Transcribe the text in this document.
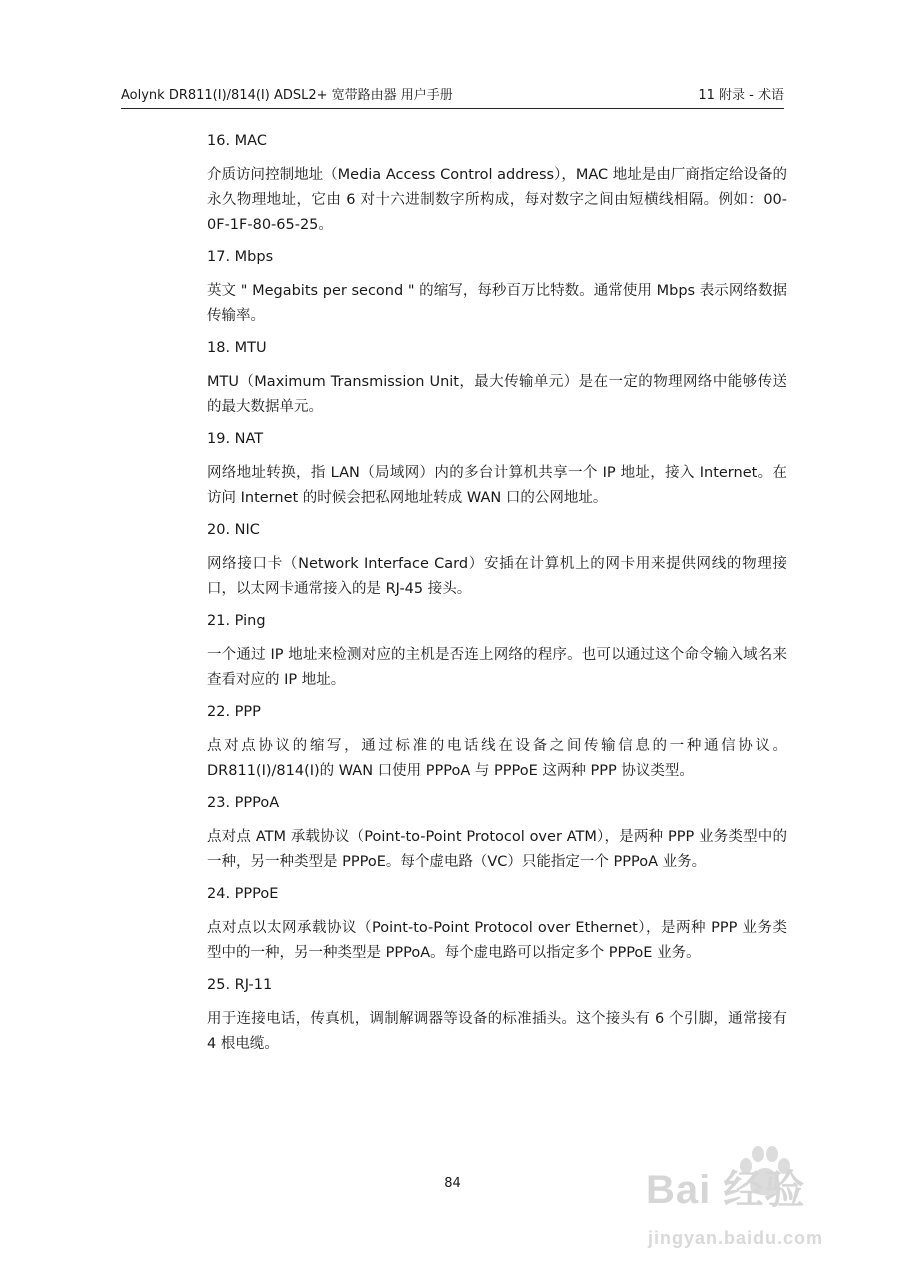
Aolynk DR811(I)/814(I) ADSL2+ 宽带路由器 用户手册	11 附录 - 术语

16. MAC

介质访问控制地址（Media Access Control address），MAC 地址是由厂商指定给设备的永久物理地址，它由 6 对十六进制数字所构成，每对数字之间由短横线相隔。例如：00-0F-1F-80-65-25。

17. Mbps

英文 " Megabits per second " 的缩写，每秒百万比特数。通常使用 Mbps 表示网络数据传输率。

18. MTU

MTU（Maximum Transmission Unit，最大传输单元）是在一定的物理网络中能够传送的最大数据单元。

19. NAT

网络地址转换，指 LAN（局域网）内的多台计算机共享一个 IP 地址，接入 Internet。在访问 Internet 的时候会把私网地址转成 WAN 口的公网地址。

20. NIC

网络接口卡（Network Interface Card）安插在计算机上的网卡用来提供网线的物理接口，以太网卡通常接入的是 RJ-45 接头。

21. Ping

一个通过 IP 地址来检测对应的主机是否连上网络的程序。也可以通过这个命令输入域名来查看对应的 IP 地址。

22. PPP

点对点协议的缩写，通过标准的电话线在设备之间传输信息的一种通信协议。DR811(I)/814(I)的 WAN 口使用 PPPoA 与 PPPoE 这两种 PPP 协议类型。

23. PPPoA

点对点 ATM 承载协议（Point-to-Point Protocol over ATM），是两种 PPP 业务类型中的一种，另一种类型是 PPPoE。每个虚电路（VC）只能指定一个 PPPoA 业务。

24. PPPoE

点对点以太网承载协议（Point-to-Point Protocol over Ethernet），是两种 PPP 业务类型中的一种，另一种类型是 PPPoA。每个虚电路可以指定多个 PPPoE 业务。

25. RJ-11

用于连接电话，传真机，调制解调器等设备的标准插头。这个接头有 6 个引脚，通常接有 4 根电缆。

84	Bai 经验
jingyan.baidu.com
